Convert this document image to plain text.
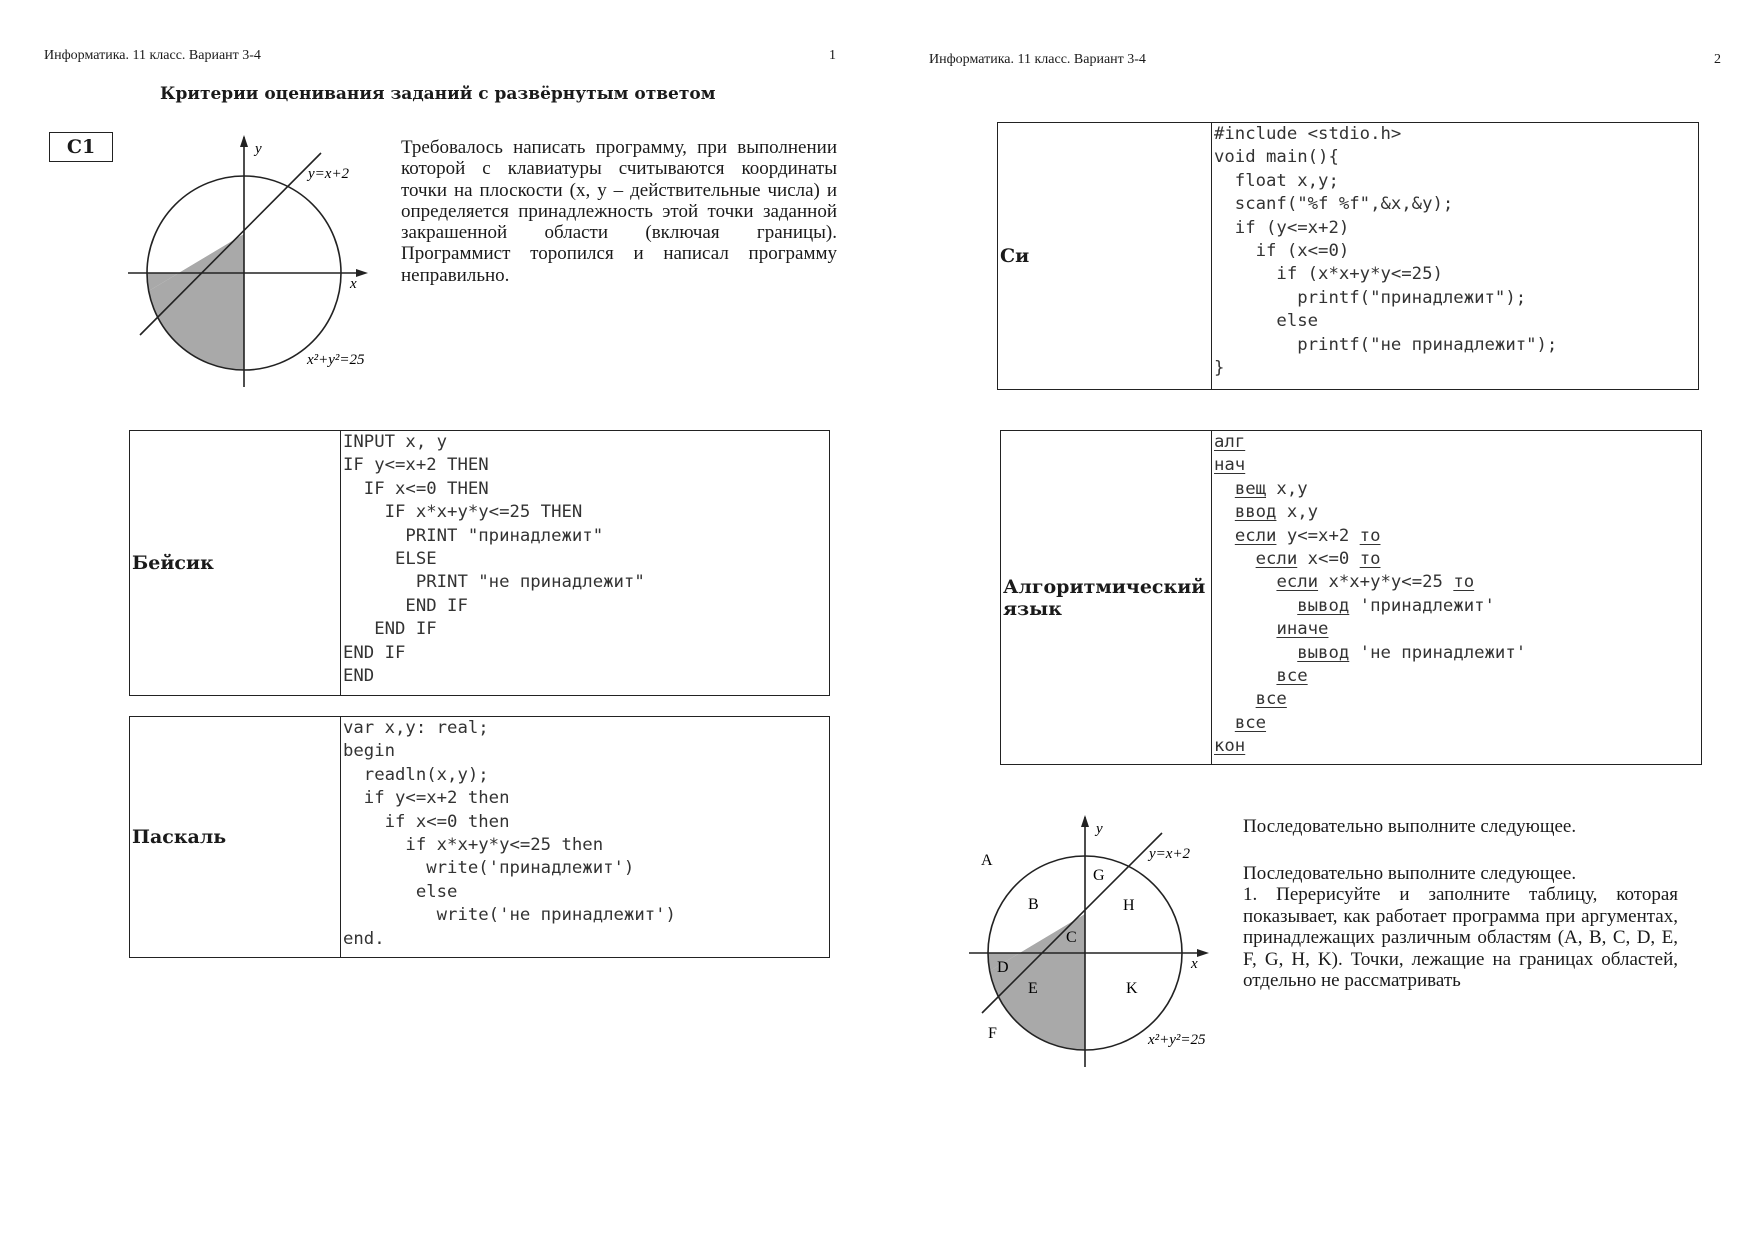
Информатика. 11 класс. Вариант 3-4	1
Критерии оценивания заданий с развёрнутым ответом
С1	y
x
y=x+2
x²+y²=25

Требовалось написать программу, при выполнении которой с клавиатуры считываются координаты точки на плоскости (x, y – действительные числа) и определяется принадлежность этой точки заданной закрашенной области (включая границы). Программист торопился и написал программу неправильно.

Бейсик	
INPUT x, y
IF y<=x+2 THEN
IF x<=0 THEN
IF x*x+y*y<=25 THEN
PRINT "принадлежит"
ELSE
PRINT "не принадлежит"
END IF
END IF
END IF
END
Паскаль	
var x,y: real;
begin
readln(x,y);
if y<=x+2 then
if x<=0 then
if x*x+y*y<=25 then
write('принадлежит')
else
write('не принадлежит')
end.
Информатика. 11 класс. Вариант 3-4	2
Си	
#include <stdio.h>
void main(){
float x,y;
scanf("%f %f",&x,&y);
if (y<=x+2)
if (x<=0)
if (x*x+y*y<=25)
printf("принадлежит");
else
printf("не принадлежит");
}
Алгоритмический
язык

алг
нач
вещ x,y
ввод x,y
если y<=x+2 то
если x<=0 то
если x*x+y*y<=25 то
вывод 'принадлежит'
иначе
вывод 'не принадлежит'
все
все
все
кон
y
x
y=x+2
x²+y²=25
A
B
C
D
E
F
G
H
K

Последовательно выполните следующее.

Последовательно выполните следующее.

1. Перерисуйте и заполните таблицу, которая показывает, как работает программа при аргументах, принадлежащих различным областям (A, B, C, D, E, F, G, H, K). Точки, лежащие на границах областей, отдельно не рассматривать
